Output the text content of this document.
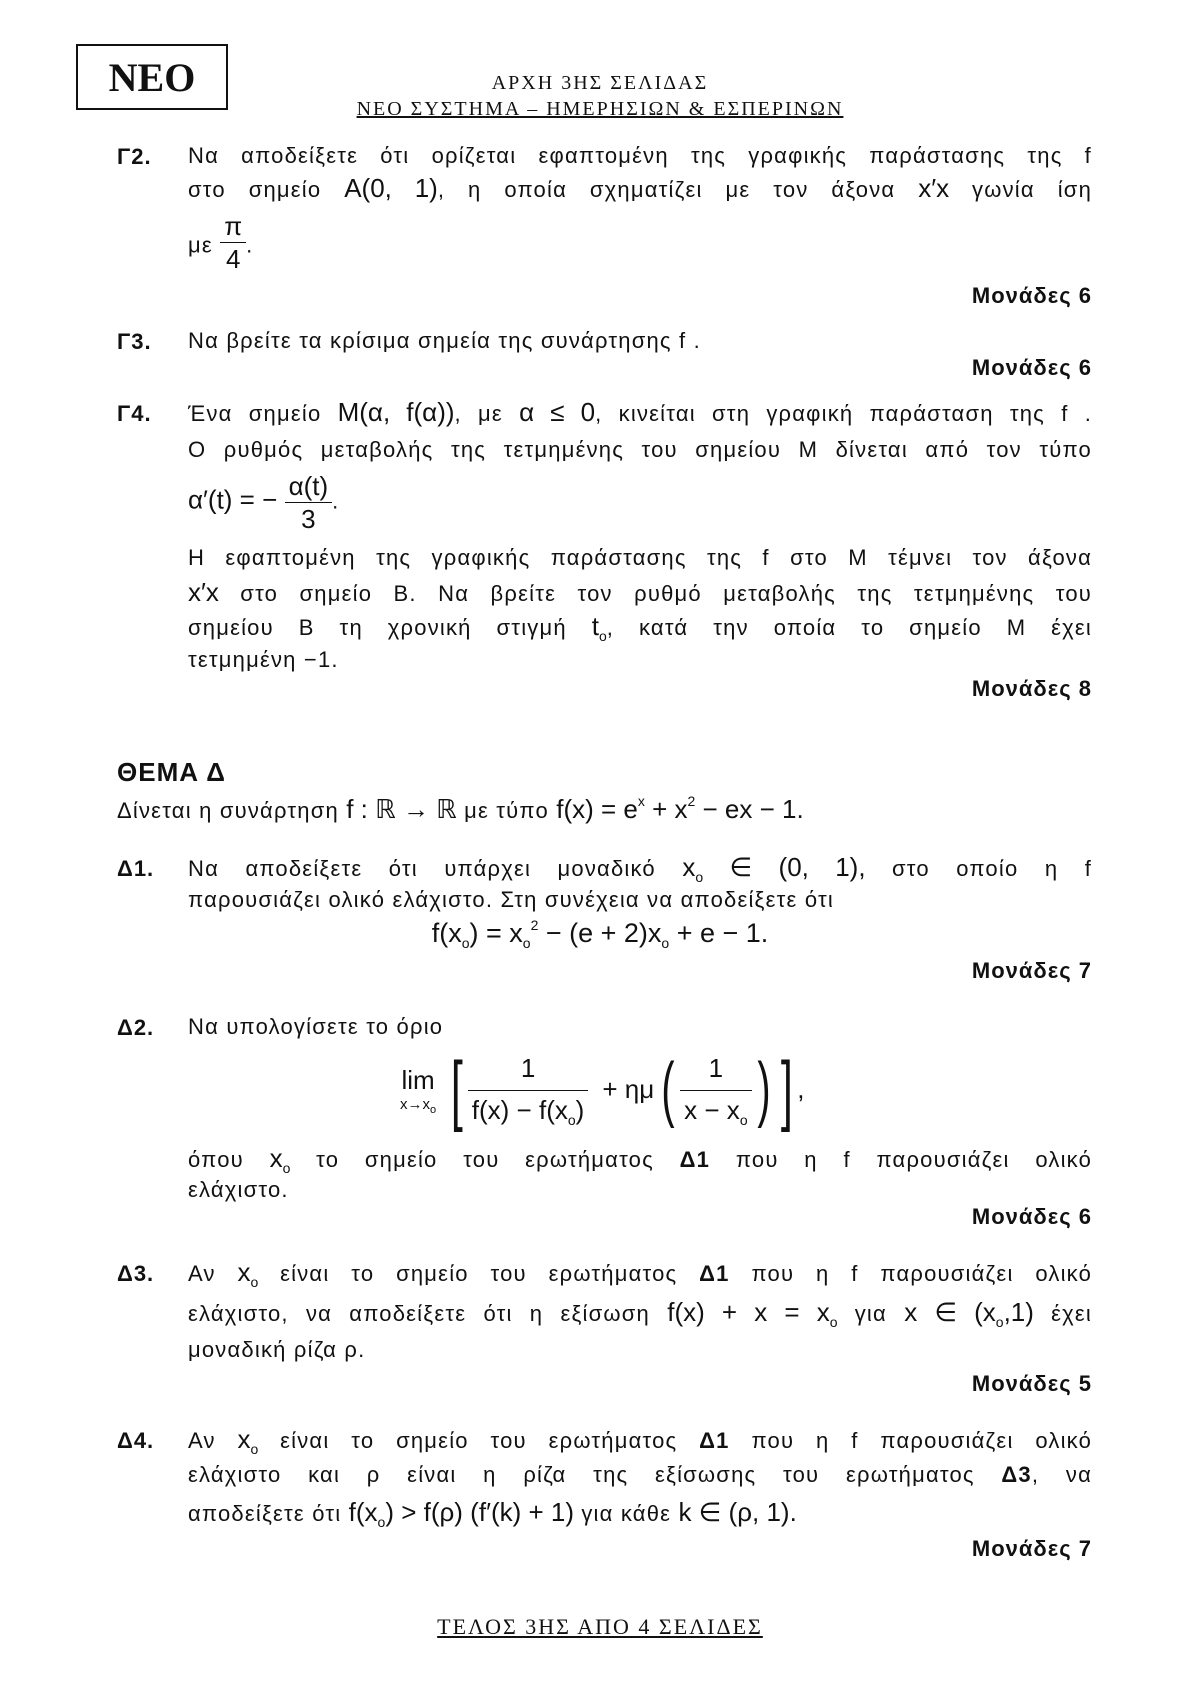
ΝΕΟ	ΑΡΧΗ 3ΗΣ ΣΕΛΙΔΑΣ
ΝΕΟ ΣΥΣΤΗΜΑ – ΗΜΕΡΗΣΙΩΝ & ΕΣΠΕΡΙΝΩΝ
Γ2. Να αποδείξετε ότι ορίζεται εφαπτομένη της γραφικής παράστασης της f
στο σημείο Α(0, 1), η οποία σχηματίζει με τον άξονα x′x γωνία ίση
με $\frac{\pi}{4}$ .
Μονάδες 6
Γ3. Να βρείτε τα κρίσιμα σημεία της συνάρτησης f .
Μονάδες 6
Γ4. Ένα σημείο Μ(α, f(α)), με α ≤ 0, κινείται στη γραφική παράσταση της f .
Ο ρυθμός μεταβολής της τετμημένης του σημείου Μ δίνεται από τον τύπο
α′(t) = − $\frac{\alpha(t)}{3}$ .
Η εφαπτομένη της γραφικής παράστασης της f στο Μ τέμνει τον άξονα
x′x στο σημείο Β. Να βρείτε τον ρυθμό μεταβολής της τετμημένης του
σημείου Β τη χρονική στιγμή $t_o$, κατά την οποία το σημείο Μ έχει
τετμημένη −1.
Μονάδες 8
ΘΕΜΑ Δ
Δίνεται η συνάρτηση f : ℝ → ℝ με τύπο $f(x) = e^x + x^2$ − ex − 1.
Δ1. Να αποδείξετε ότι υπάρχει μοναδικό $x_o$ ∈ (0, 1), στο οποίο η f
παρουσιάζει ολικό ελάχιστο. Στη συνέχεια να αποδείξετε ότι
$f(x_o) = x_o^2 - (e + 2)x_o + e - 1$.
Μονάδες 7
Δ2. Να υπολογίσετε το όριο
lim
$x\to x_o$ [ $\frac{1}{f(x) - f(x_o)} + \eta\mu$ ( $\frac{1}{x - x_o}$ ) ] ,
όπου $x_o$ το σημείο του ερωτήματος Δ1 που η f παρουσιάζει ολικό
ελάχιστο.
Μονάδες 6
Δ3. Αν $x_o$ είναι το σημείο του ερωτήματος Δ1 που η f παρουσιάζει ολικό
ελάχιστο, να αποδείξετε ότι η εξίσωση $f(x) + x = x_o$ για x ∈ $(x_o,1)$ έχει
μοναδική ρίζα ρ.
Μονάδες 5
Δ4. Αν $x_o$ είναι το σημείο του ερωτήματος Δ1 που η f παρουσιάζει ολικό
ελάχιστο και ρ είναι η ρίζα της εξίσωσης του ερωτήματος Δ3, να
αποδείξετε ότι $f(x_o) > f(\rho) (f'(k) + 1)$ για κάθε k ∈ (ρ, 1).
Μονάδες 7
ΤΕΛΟΣ 3ΗΣ ΑΠΟ 4 ΣΕΛΙΔΕΣ
